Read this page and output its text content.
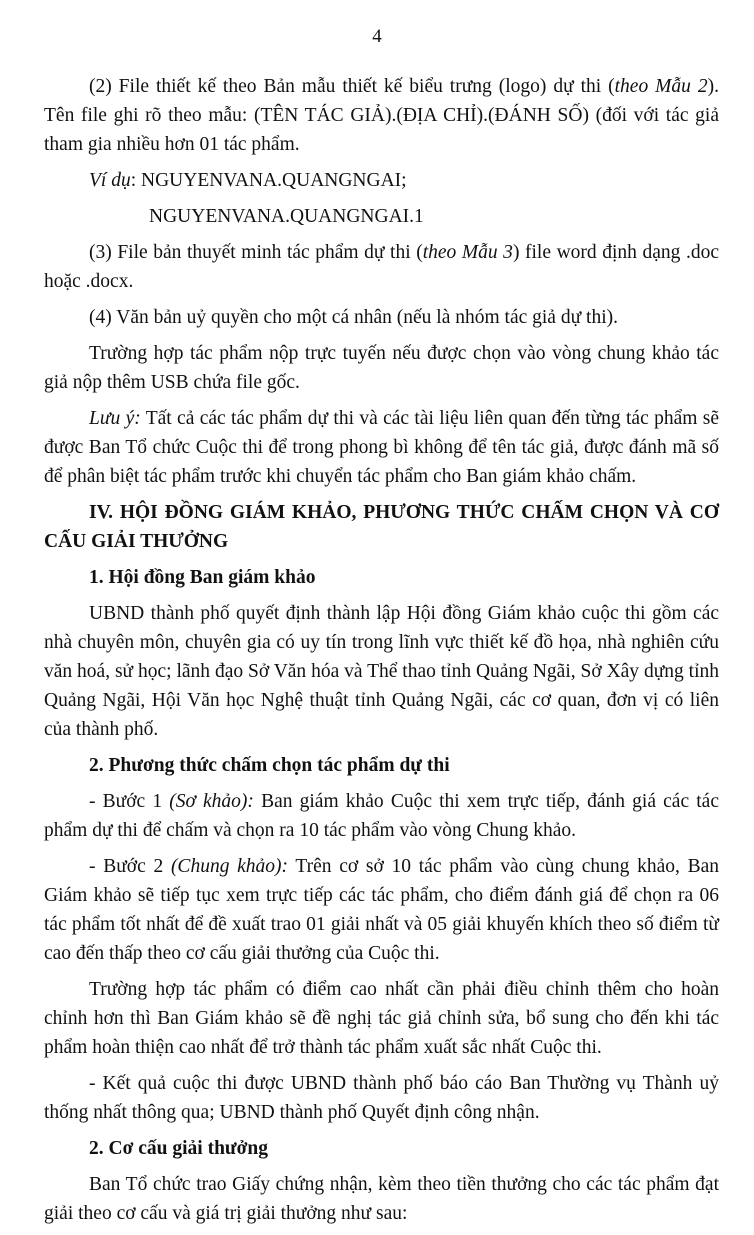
4

(2) File thiết kế theo Bản mẫu thiết kế biểu trưng (logo) dự thi (theo Mẫu 2). Tên file ghi rõ theo mẫu: (TÊN TÁC GIẢ).(ĐỊA CHỈ).(ĐÁNH SỐ) (đối với tác giả tham gia nhiều hơn 01 tác phẩm.

Ví dụ: NGUYENVANA.QUANGNGAI;

NGUYENVANA.QUANGNGAI.1

(3) File bản thuyết minh tác phẩm dự thi (theo Mẫu 3) file word định dạng .doc hoặc .docx.

(4) Văn bản uỷ quyền cho một cá nhân (nếu là nhóm tác giả dự thi).

Trường hợp tác phẩm nộp trực tuyến nếu được chọn vào vòng chung khảo tác giả nộp thêm USB chứa file gốc.

Lưu ý: Tất cả các tác phẩm dự thi và các tài liệu liên quan đến từng tác phẩm sẽ được Ban Tổ chức Cuộc thi để trong phong bì không để tên tác giả, được đánh mã số để phân biệt tác phẩm trước khi chuyển tác phẩm cho Ban giám khảo chấm.

IV. HỘI ĐỒNG GIÁM KHẢO, PHƯƠNG THỨC CHẤM CHỌN VÀ CƠ CẤU GIẢI THƯỞNG

1. Hội đồng Ban giám khảo

UBND thành phố quyết định thành lập Hội đồng Giám khảo cuộc thi gồm các nhà chuyên môn, chuyên gia có uy tín trong lĩnh vực thiết kế đồ họa, nhà nghiên cứu văn hoá, sử học; lãnh đạo Sở Văn hóa và Thể thao tỉnh Quảng Ngãi, Sở Xây dựng tỉnh Quảng Ngãi, Hội Văn học Nghệ thuật tỉnh Quảng Ngãi, các cơ quan, đơn vị có liên của thành phố.

2. Phương thức chấm chọn tác phẩm dự thi

- Bước 1 (Sơ khảo): Ban giám khảo Cuộc thi xem trực tiếp, đánh giá các tác phẩm dự thi để chấm và chọn ra 10 tác phẩm vào vòng Chung khảo.

- Bước 2 (Chung khảo): Trên cơ sở 10 tác phẩm vào cùng chung khảo, Ban Giám khảo sẽ tiếp tục xem trực tiếp các tác phẩm, cho điểm đánh giá để chọn ra 06 tác phẩm tốt nhất để đề xuất trao 01 giải nhất và 05 giải khuyến khích theo số điểm từ cao đến thấp theo cơ cấu giải thưởng của Cuộc thi.

Trường hợp tác phẩm có điểm cao nhất cần phải điều chỉnh thêm cho hoàn chỉnh hơn thì Ban Giám khảo sẽ đề nghị tác giả chỉnh sửa, bổ sung cho đến khi tác phẩm hoàn thiện cao nhất để trở thành tác phẩm xuất sắc nhất Cuộc thi.

- Kết quả cuộc thi được UBND thành phố báo cáo Ban Thường vụ Thành uỷ thống nhất thông qua; UBND thành phố Quyết định công nhận.

2. Cơ cấu giải thưởng

Ban Tổ chức trao Giấy chứng nhận, kèm theo tiền thưởng cho các tác phẩm đạt giải theo cơ cấu và giá trị giải thưởng như sau:
